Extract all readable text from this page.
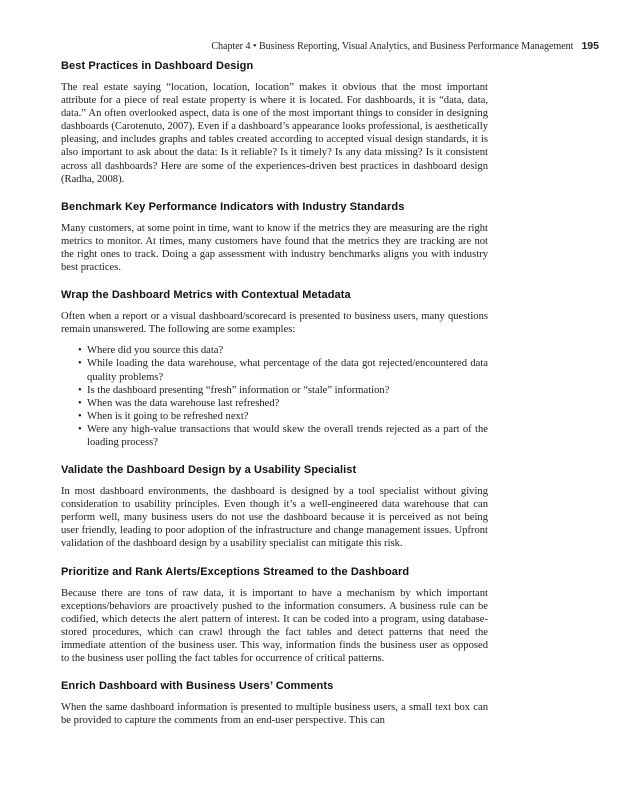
Chapter 4 • Business Reporting, Visual Analytics, and Business Performance Management 195
Best Practices in Dashboard Design

The real estate saying “location, location, location” makes it obvious that the most important attribute for a piece of real estate property is where it is located. For dashboards, it is “data, data, data.” An often overlooked aspect, data is one of the most important things to consider in designing dashboards (Carotenuto, 2007). Even if a dashboard’s appearance looks professional, is aesthetically pleasing, and includes graphs and tables created according to accepted visual design standards, it is also important to ask about the data: Is it reliable? Is it timely? Is any data missing? Is it consistent across all dashboards? Here are some of the experiences-driven best practices in dashboard design (Radha, 2008).

Benchmark Key Performance Indicators with Industry Standards

Many customers, at some point in time, want to know if the metrics they are measuring are the right metrics to monitor. At times, many customers have found that the metrics they are tracking are not the right ones to track. Doing a gap assessment with industry benchmarks aligns you with industry best practices.

Wrap the Dashboard Metrics with Contextual Metadata

Often when a report or a visual dashboard/scorecard is presented to business users, many questions remain unanswered. The following are some examples:

• Where did you source this data?
• While loading the data warehouse, what percentage of the data got rejected/encountered data quality problems?
• Is the dashboard presenting “fresh” information or “stale” information?
• When was the data warehouse last refreshed?
• When is it going to be refreshed next?
• Were any high-value transactions that would skew the overall trends rejected as a part of the loading process?
Validate the Dashboard Design by a Usability Specialist

In most dashboard environments, the dashboard is designed by a tool specialist without giving consideration to usability principles. Even though it’s a well-engineered data warehouse that can perform well, many business users do not use the dashboard because it is perceived as not being user friendly, leading to poor adoption of the infrastructure and change management issues. Upfront validation of the dashboard design by a usability specialist can mitigate this risk.

Prioritize and Rank Alerts/Exceptions Streamed to the Dashboard

Because there are tons of raw data, it is important to have a mechanism by which important exceptions/behaviors are proactively pushed to the information consumers. A business rule can be codified, which detects the alert pattern of interest. It can be coded into a program, using database-stored procedures, which can crawl through the fact tables and detect patterns that need the immediate attention of the business user. This way, information finds the business user as opposed to the business user polling the fact tables for occurrence of critical patterns.

Enrich Dashboard with Business Users’ Comments

When the same dashboard information is presented to multiple business users, a small text box can be provided to capture the comments from an end-user perspective. This can
